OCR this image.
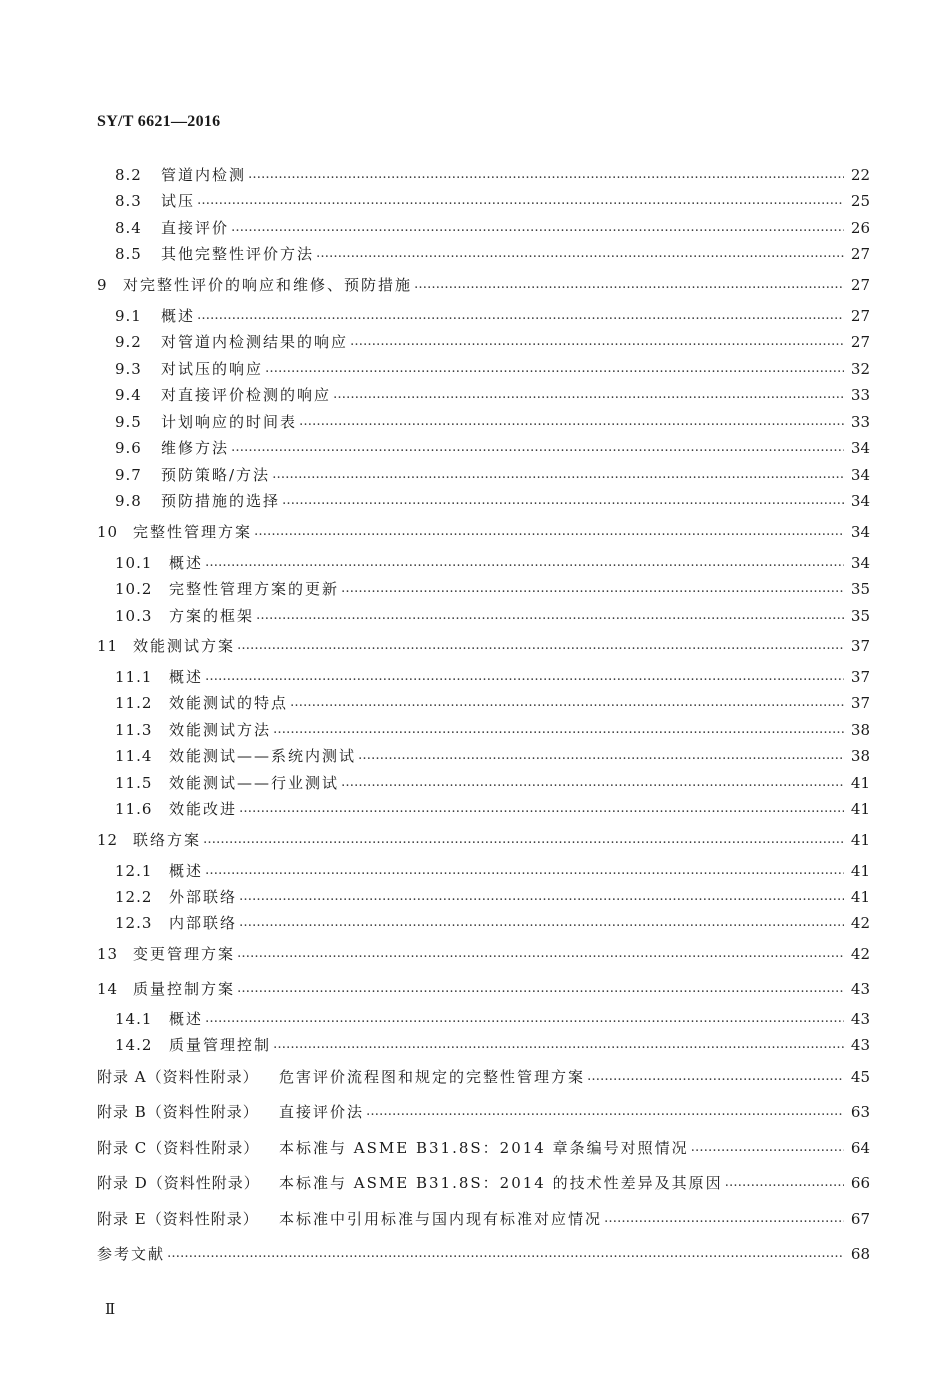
SY/T 6621—2016
8.2	管道内检测 ……………………………………………………………………………………………………………………………………………………………………………………………………………………………………	22
8.3	试压 ……………………………………………………………………………………………………………………………………………………………………………………………………………………………………	25
8.4	直接评价 ……………………………………………………………………………………………………………………………………………………………………………………………………………………………………	26
8.5	其他完整性评价方法 ……………………………………………………………………………………………………………………………………………………………………………………………………………………………………	27
9	对完整性评价的响应和维修、预防措施 ……………………………………………………………………………………………………………………………………………………………………………………………………………………………………	27
9.1	概述 ……………………………………………………………………………………………………………………………………………………………………………………………………………………………………	27
9.2	对管道内检测结果的响应 ……………………………………………………………………………………………………………………………………………………………………………………………………………………………………	27
9.3	对试压的响应 ……………………………………………………………………………………………………………………………………………………………………………………………………………………………………	32
9.4	对直接评价检测的响应 ……………………………………………………………………………………………………………………………………………………………………………………………………………………………………	33
9.5	计划响应的时间表 ……………………………………………………………………………………………………………………………………………………………………………………………………………………………………	33
9.6	维修方法 ……………………………………………………………………………………………………………………………………………………………………………………………………………………………………	34
9.7	预防策略/方法 ……………………………………………………………………………………………………………………………………………………………………………………………………………………………………	34
9.8	预防措施的选择 ……………………………………………………………………………………………………………………………………………………………………………………………………………………………………	34
10 完整性管理方案 ……………………………………………………………………………………………………………………………………………………………………………………………………………………………………	34
10.1	概述 ……………………………………………………………………………………………………………………………………………………………………………………………………………………………………	34
10.2	完整性管理方案的更新 ……………………………………………………………………………………………………………………………………………………………………………………………………………………………………	35
10.3	方案的框架 ……………………………………………………………………………………………………………………………………………………………………………………………………………………………………	35
11 效能测试方案 ……………………………………………………………………………………………………………………………………………………………………………………………………………………………………	37
11.1	概述 ……………………………………………………………………………………………………………………………………………………………………………………………………………………………………	37
11.2	效能测试的特点 ……………………………………………………………………………………………………………………………………………………………………………………………………………………………………	37
11.3	效能测试方法 ……………………………………………………………………………………………………………………………………………………………………………………………………………………………………	38
11.4	效能测试——系统内测试 ……………………………………………………………………………………………………………………………………………………………………………………………………………………………………	38
11.5	效能测试——行业测试 ……………………………………………………………………………………………………………………………………………………………………………………………………………………………………	41
11.6	效能改进 ……………………………………………………………………………………………………………………………………………………………………………………………………………………………………	41
12 联络方案 ……………………………………………………………………………………………………………………………………………………………………………………………………………………………………	41
12.1	概述 ……………………………………………………………………………………………………………………………………………………………………………………………………………………………………	41
12.2	外部联络 ……………………………………………………………………………………………………………………………………………………………………………………………………………………………………	41
12.3	内部联络 ……………………………………………………………………………………………………………………………………………………………………………………………………………………………………	42
13 变更管理方案 ……………………………………………………………………………………………………………………………………………………………………………………………………………………………………	42
14 质量控制方案 ……………………………………………………………………………………………………………………………………………………………………………………………………………………………………	43
14.1	概述 ……………………………………………………………………………………………………………………………………………………………………………………………………………………………………	43
14.2	质量管理控制 ……………………………………………………………………………………………………………………………………………………………………………………………………………………………………	43
附录 A（资料性附录）	危害评价流程图和规定的完整性管理方案 ……………………………………………………………………………………………………………………………………………………………………………………………………………………………………	45
附录 B（资料性附录）	直接评价法 ……………………………………………………………………………………………………………………………………………………………………………………………………………………………………	63
附录 C（资料性附录）	本标准与 ASME B31.8S：2014 章条编号对照情况 ……………………………………………………………………………………………………………………………………………………………………………………………………………………………………	64
附录 D（资料性附录）	本标准与 ASME B31.8S：2014 的技术性差异及其原因 ……………………………………………………………………………………………………………………………………………………………………………………………………………………………………	66
附录 E（资料性附录）	本标准中引用标准与国内现有标准对应情况 ……………………………………………………………………………………………………………………………………………………………………………………………………………………………………	67
参考文献 ……………………………………………………………………………………………………………………………………………………………………………………………………………………………………	68
Ⅱ
